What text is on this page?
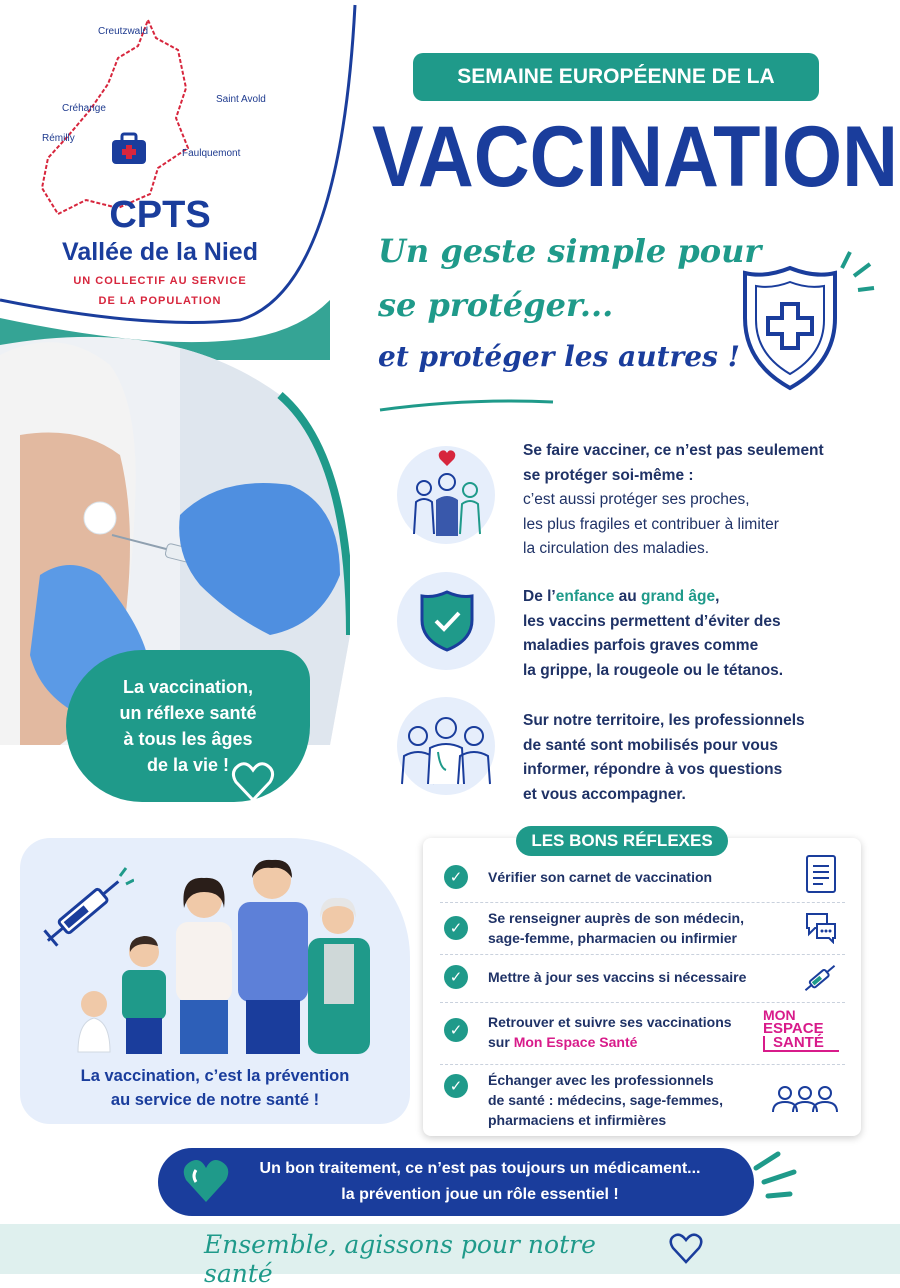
Creutzwald
Créhange
Saint Avold
Rémilly
Faulquemont
CPTS
Vallée de la Nied
UN COLLECTIF AU SERVICE
DE LA POPULATION
La vaccination,
un réflexe santé
à tous les âges
de la vie !
SEMAINE EUROPÉENNE DE LA
VACCINATION
Un geste simple pour
se protéger...
et protéger les autres !
Se faire vacciner, ce n’est pas seulement
se protéger soi-même :
c’est aussi protéger ses proches,
les plus fragiles et contribuer à limiter
la circulation des maladies.
De l’enfance au grand âge,
les vaccins permettent d’éviter des
maladies parfois graves comme
la grippe, la rougeole ou le tétanos.
Sur notre territoire, les professionnels
de santé sont mobilisés pour vous
informer, répondre à vos questions
et vous accompagner.
La vaccination, c’est la prévention
au service de notre santé !
LES BONS RÉFLEXES
✓	Vérifier son carnet de vaccination
✓
Se renseigner auprès de son médecin,
sage-femme, pharmacien ou infirmier
✓	Mettre à jour ses vaccins si nécessaire
✓	Retrouver et suivre ses vaccinations
sur Mon Espace Santé
MON
ESPACE
SANTÉ
✓	Échanger avec les professionnels
de santé : médecins, sage-femmes,
pharmaciens et infirmières
Un bon traitement, ce n’est pas toujours un médicament...
la prévention joue un rôle essentiel !
Ensemble, agissons pour notre santé
